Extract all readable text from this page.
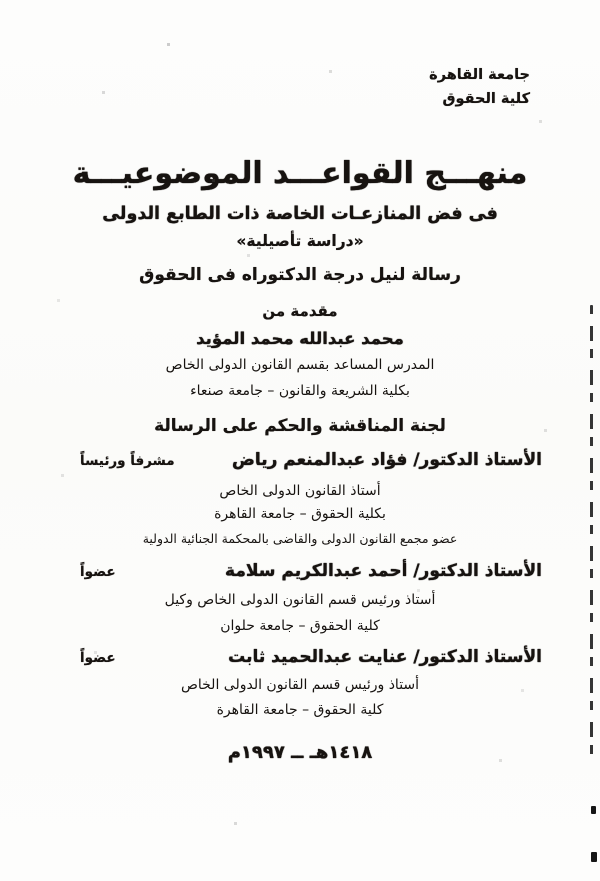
جامعة القاهرة
كلية الحقوق
منهـــج القواعـــد الموضوعيـــة
فى فض المنازعـات الخاصة ذات الطابع الدولى
«دراسة تأصيلية»
رسالة لنيل درجة الدكتوراه فى الحقوق
مقدمة من
محمد عبدالله محمد المؤيد
المدرس المساعد بقسم القانون الدولى الخاص
بكلية الشريعة والقانون – جامعة صنعاء
لجنة المناقشة والحكم على الرسالة
الأستاذ الدكتور/ فؤاد عبدالمنعم رياض
مشرفاً ورئيساً
أستاذ القانون الدولى الخاص
بكلية الحقوق – جامعة القاهرة
عضو مجمع القانون الدولى والقاضى بالمحكمة الجنائية الدولية
الأستاذ الدكتور/ أحمد عبدالكريم سلامة
عضواً
أستاذ ورئيس قسم القانون الدولى الخاص وكيل
كلية الحقوق – جامعة حلوان
الأستاذ الدكتور/ عنايت عبدالحميد ثابت
عضواً
أستاذ ورئيس قسم القانون الدولى الخاص
كلية الحقوق – جامعة القاهرة
١٤١٨هـ ــ ١٩٩٧م
